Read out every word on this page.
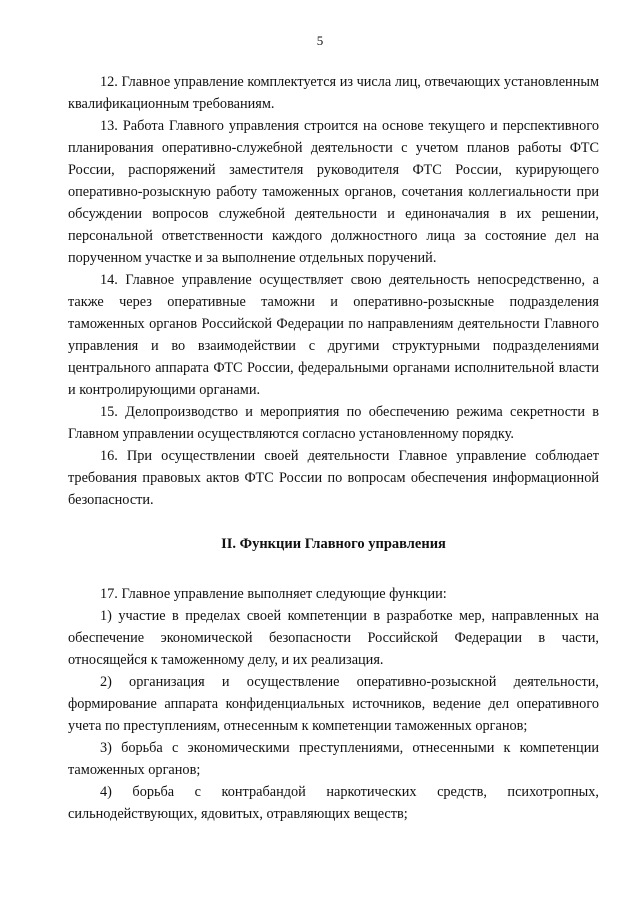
5

12. Главное управление комплектуется из числа лиц, отвечающих установленным квалификационным требованиям.

13. Работа Главного управления строится на основе текущего и перспективного планирования оперативно-служебной деятельности с учетом планов работы ФТС России, распоряжений заместителя руководителя ФТС России, курирующего оперативно-розыскную работу таможенных органов, сочетания коллегиальности при обсуждении вопросов служебной деятельности и единоначалия в их решении, персональной ответственности каждого должностного лица за состояние дел на порученном участке и за выполнение отдельных поручений.

14. Главное управление осуществляет свою деятельность непосредственно, а также через оперативные таможни и оперативно-розыскные подразделения таможенных органов Российской Федерации по направлениям деятельности Главного управления и во взаимодействии с другими структурными подразделениями центрального аппарата ФТС России, федеральными органами исполнительной власти и контролирующими органами.

15. Делопроизводство и мероприятия по обеспечению режима секретности в Главном управлении осуществляются согласно установленному порядку.

16. При осуществлении своей деятельности Главное управление соблюдает требования правовых актов ФТС России по вопросам обеспечения информационной безопасности.

II. Функции Главного управления

17. Главное управление выполняет следующие функции:

1) участие в пределах своей компетенции в разработке мер, направленных на обеспечение экономической безопасности Российской Федерации в части, относящейся к таможенному делу, и их реализация.
2) организация и осуществление оперативно-розыскной деятельности, формирование аппарата конфиденциальных источников, ведение дел оперативного учета по преступлениям, отнесенным к компетенции таможенных органов;
3) борьба с экономическими преступлениями, отнесенными к компетенции таможенных органов;
4) борьба с контрабандой наркотических средств, психотропных, сильнодействующих, ядовитых, отравляющих веществ;
